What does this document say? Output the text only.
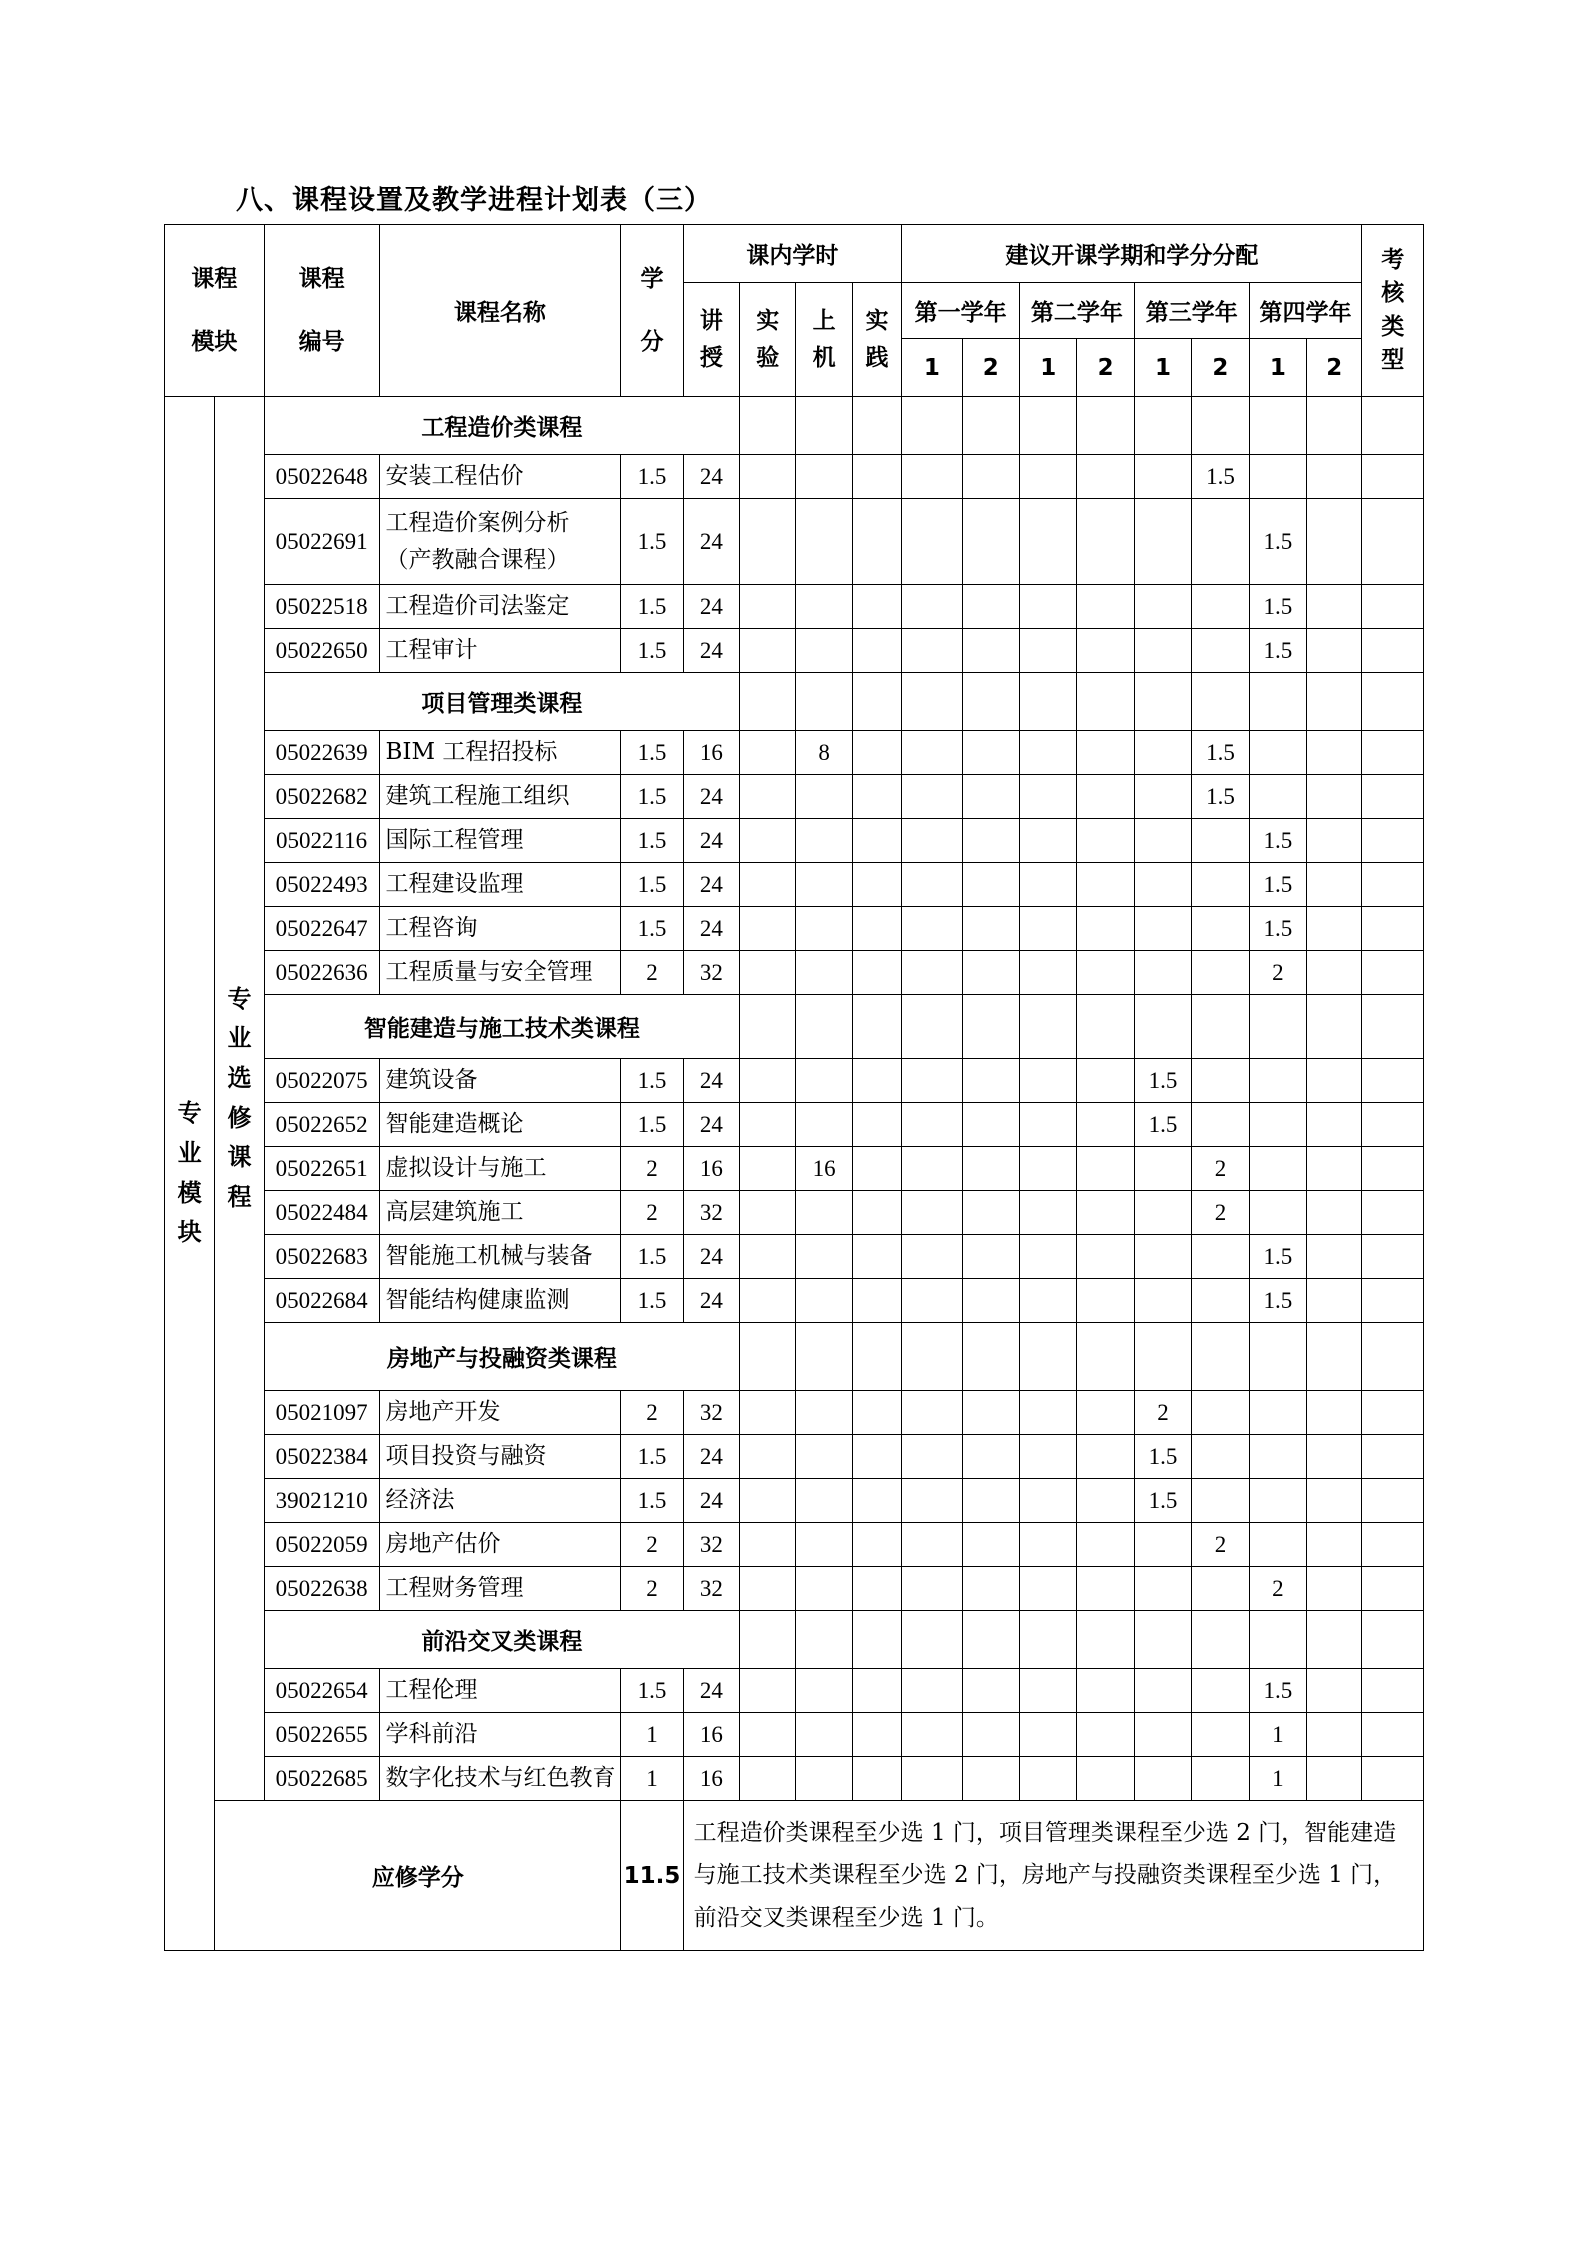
八、课程设置及教学进程计划表（三）
课程模块		课程编号	课程名称	学分	课内学时				建议开课学期和学分分配								考核类型
					讲授	实验	上机	实践	第一学年		第二学年		第三学年		第四学年		
									1	2	1	2	1	2	1	2	
专业模块	专业选修课程	工程造价类课程															
		05022648	安装工程估价	1.5	24									1.5			
		05022691	工程造价案例分析
（产教融合课程）	1.5	24										1.5		
		05022518	工程造价司法鉴定	1.5	24										1.5		
		05022650	工程审计	1.5	24										1.5		
		项目管理类课程															
		05022639	BIM 工程招投标	1.5	16		8							1.5			
		05022682	建筑工程施工组织	1.5	24									1.5			
		05022116	国际工程管理	1.5	24										1.5		
		05022493	工程建设监理	1.5	24										1.5		
		05022647	工程咨询	1.5	24										1.5		
		05022636	工程质量与安全管理	2	32										2		
		智能建造与施工技术类课程															
		05022075	建筑设备	1.5	24								1.5				
		05022652	智能建造概论	1.5	24								1.5				
		05022651	虚拟设计与施工	2	16		16							2			
		05022484	高层建筑施工	2	32									2			
		05022683	智能施工机械与装备	1.5	24										1.5		
		05022684	智能结构健康监测	1.5	24										1.5		
		房地产与投融资类课程															
		05021097	房地产开发	2	32								2				
		05022384	项目投资与融资	1.5	24								1.5				
		39021210	经济法	1.5	24								1.5				
		05022059	房地产估价	2	32									2			
		05022638	工程财务管理	2	32										2		
		前沿交叉类课程															
		05022654	工程伦理	1.5	24										1.5		
		05022655	学科前沿	1	16										1		
		05022685	数字化技术与红色教育	1	16										1		
	应修学分			11.5	工程造价类课程至少选 1 门，项目管理类课程至少选 2 门，智能建造与施工技术类课程至少选 2 门，房地产与投融资类课程至少选 1 门，前沿交叉类课程至少选 1 门。												
